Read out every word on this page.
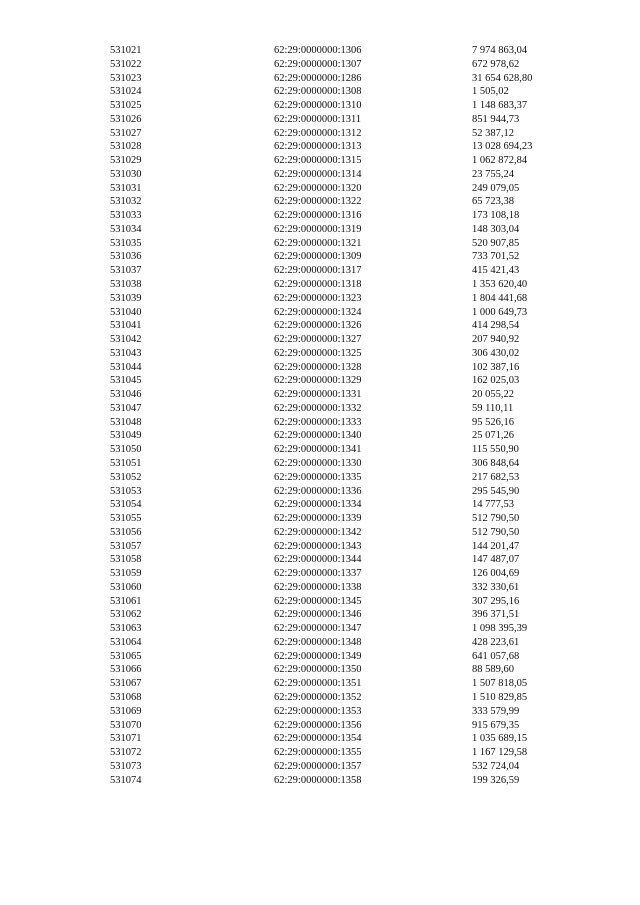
531021	62:29:0000000:1306	7 974 863,04
531022	62:29:0000000:1307	672 978,62
531023	62:29:0000000:1286	31 654 628,80
531024	62:29:0000000:1308	1 505,02
531025	62:29:0000000:1310	1 148 683,37
531026	62:29:0000000:1311	851 944,73
531027	62:29:0000000:1312	52 387,12
531028	62:29:0000000:1313	13 028 694,23
531029	62:29:0000000:1315	1 062 872,84
531030	62:29:0000000:1314	23 755,24
531031	62:29:0000000:1320	249 079,05
531032	62:29:0000000:1322	65 723,38
531033	62:29:0000000:1316	173 108,18
531034	62:29:0000000:1319	148 303,04
531035	62:29:0000000:1321	520 907,85
531036	62:29:0000000:1309	733 701,52
531037	62:29:0000000:1317	415 421,43
531038	62:29:0000000:1318	1 353 620,40
531039	62:29:0000000:1323	1 804 441,68
531040	62:29:0000000:1324	1 000 649,73
531041	62:29:0000000:1326	414 298,54
531042	62:29:0000000:1327	207 940,92
531043	62:29:0000000:1325	306 430,02
531044	62:29:0000000:1328	102 387,16
531045	62:29:0000000:1329	162 025,03
531046	62:29:0000000:1331	20 055,22
531047	62:29:0000000:1332	59 110,11
531048	62:29:0000000:1333	95 526,16
531049	62:29:0000000:1340	25 071,26
531050	62:29:0000000:1341	115 550,90
531051	62:29:0000000:1330	306 848,64
531052	62:29:0000000:1335	217 682,53
531053	62:29:0000000:1336	295 545,90
531054	62:29:0000000:1334	14 777,53
531055	62:29:0000000:1339	512 790,50
531056	62:29:0000000:1342	512 790,50
531057	62:29:0000000:1343	144 201,47
531058	62:29:0000000:1344	147 487,07
531059	62:29:0000000:1337	126 004,69
531060	62:29:0000000:1338	332 330,61
531061	62:29:0000000:1345	307 295,16
531062	62:29:0000000:1346	396 371,51
531063	62:29:0000000:1347	1 098 395,39
531064	62:29:0000000:1348	428 223,61
531065	62:29:0000000:1349	641 057,68
531066	62:29:0000000:1350	88 589,60
531067	62:29:0000000:1351	1 507 818,05
531068	62:29:0000000:1352	1 510 829,85
531069	62:29:0000000:1353	333 579,99
531070	62:29:0000000:1356	915 679,35
531071	62:29:0000000:1354	1 035 689,15
531072	62:29:0000000:1355	1 167 129,58
531073	62:29:0000000:1357	532 724,04
531074	62:29:0000000:1358	199 326,59
